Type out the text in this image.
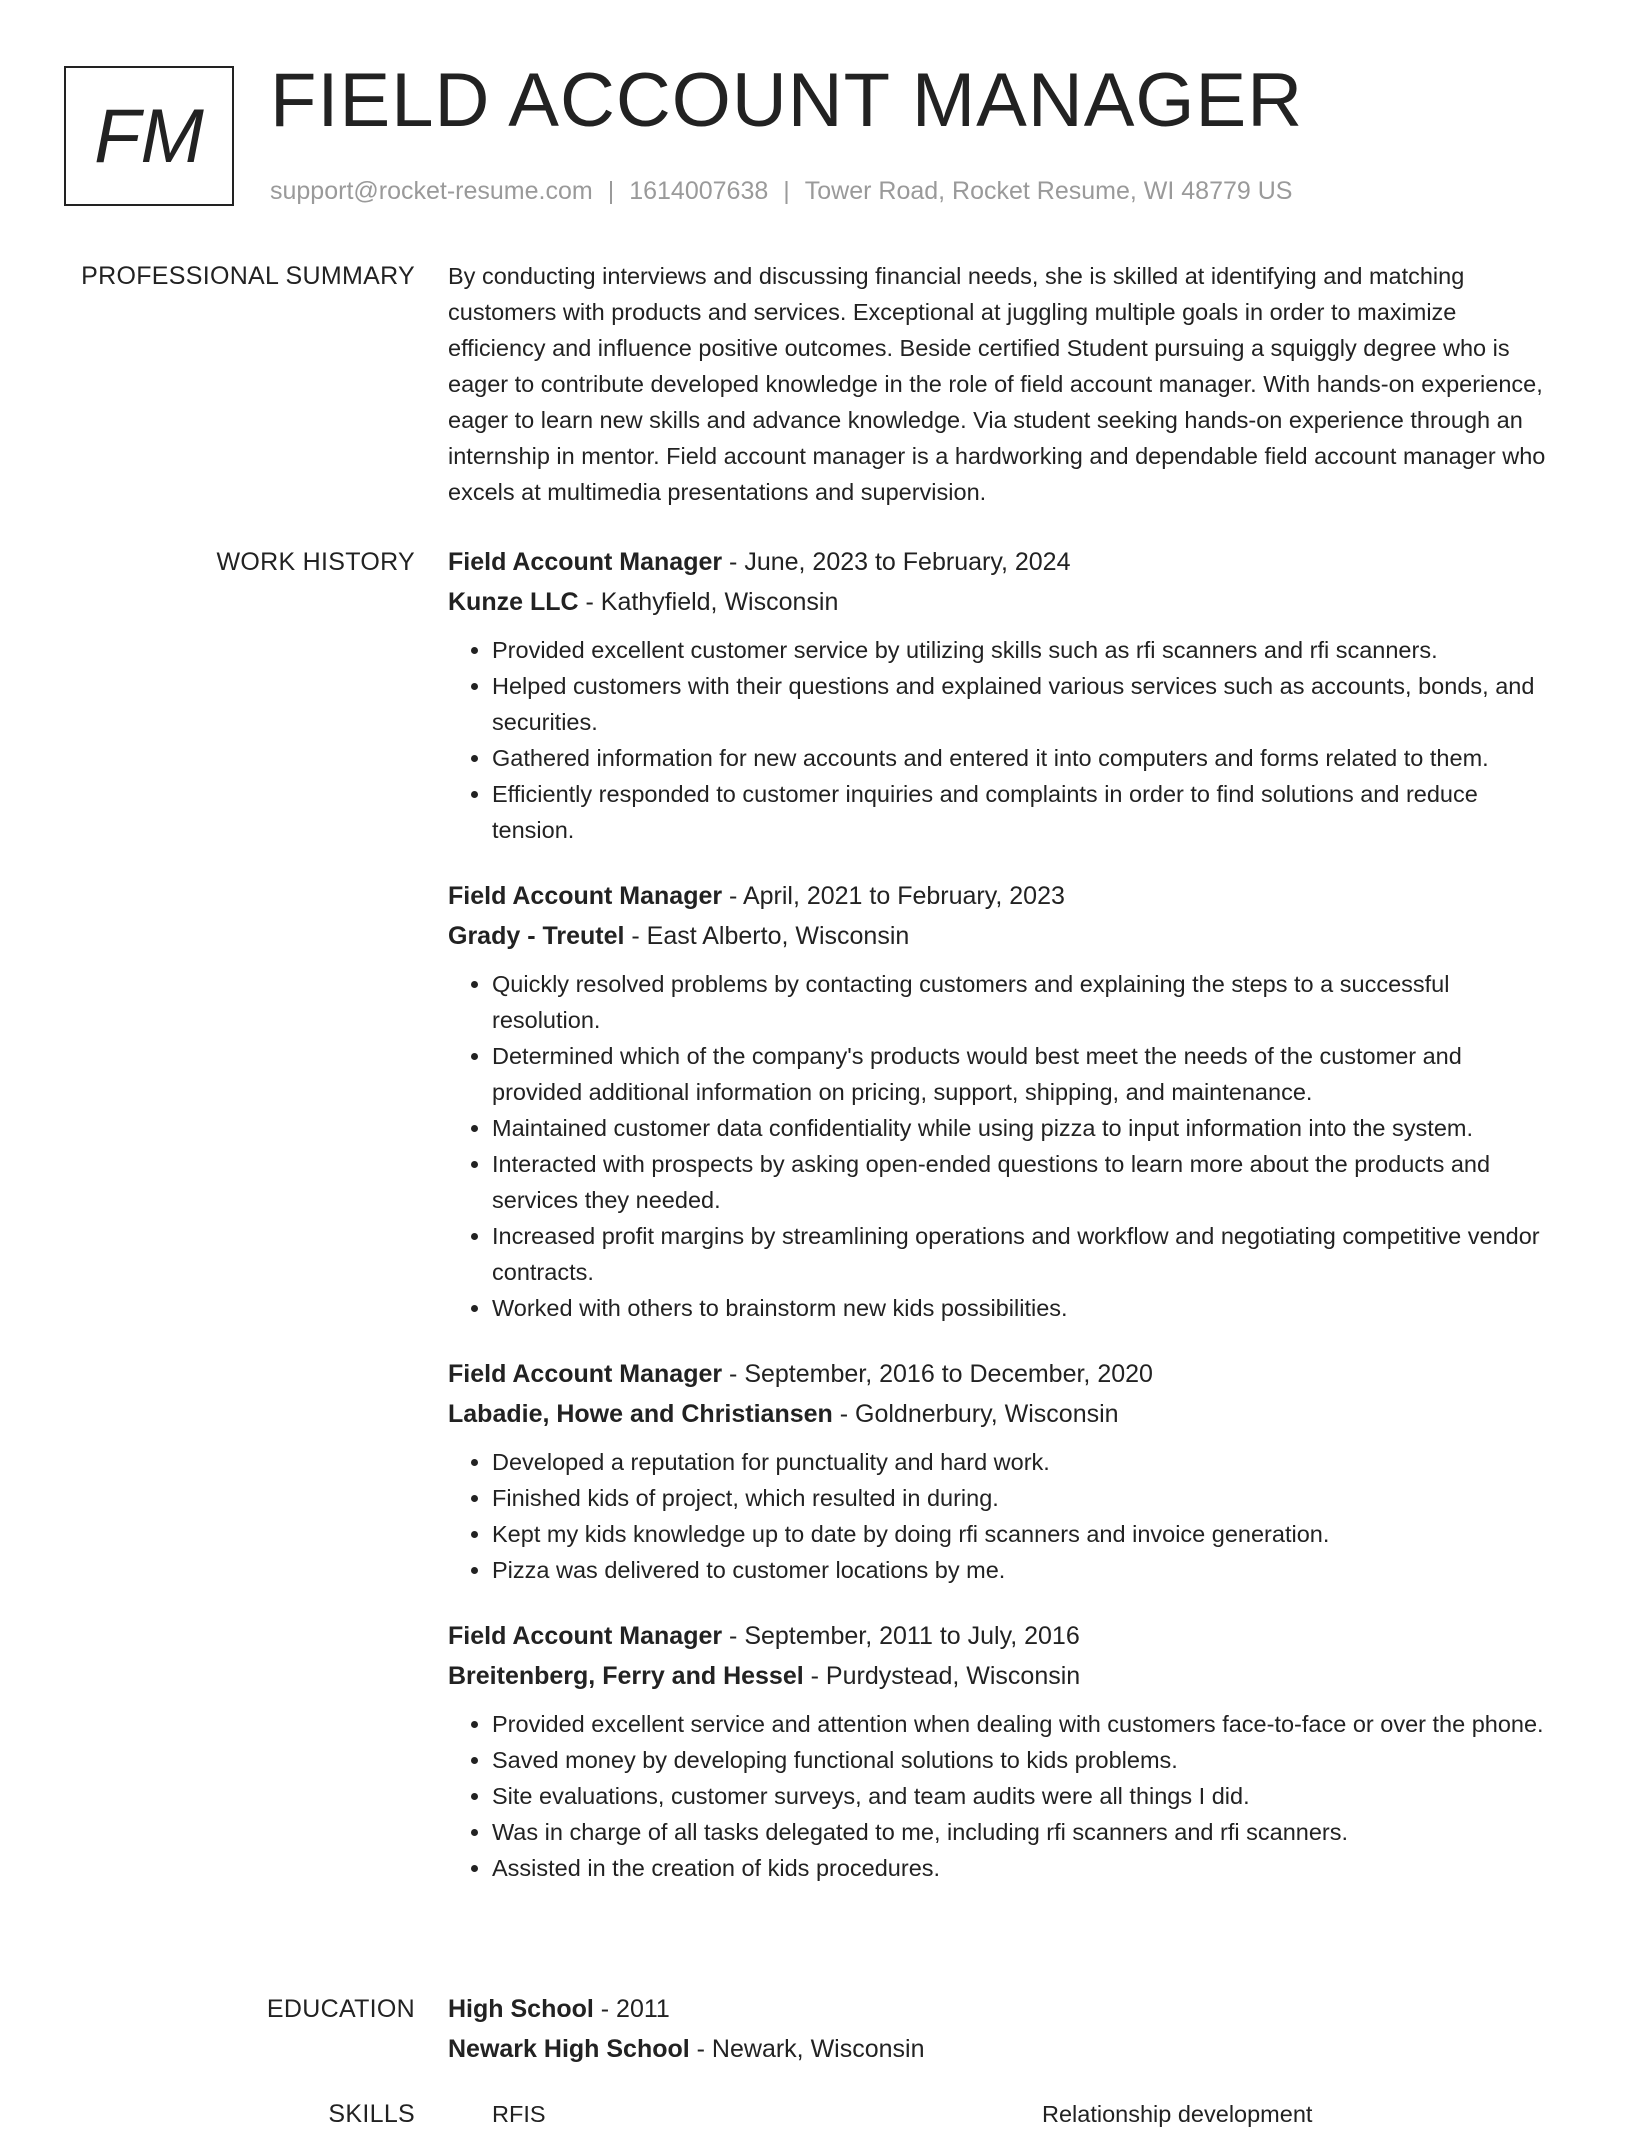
FM FIELD ACCOUNT MANAGER
support@rocket-resume.com | 1614007638 | Tower Road, Rocket Resume, WI 48779 US
PROFESSIONAL SUMMARY By conducting interviews and discussing financial needs, she is skilled at identifying and matching customers with products and services. Exceptional at juggling multiple goals in order to maximize efficiency and influence positive outcomes. Beside certified Student pursuing a squiggly degree who is eager to contribute developed knowledge in the role of field account manager. With hands-on experience, eager to learn new skills and advance knowledge. Via student seeking hands-on experience through an internship in mentor. Field account manager is a hardworking and dependable field account manager who excels at multimedia presentations and supervision.

WORK HISTORY Field Account Manager - June, 2023 to February, 2024
Kunze LLC - Kathyfield, Wisconsin
• Provided excellent customer service by utilizing skills such as rfi scanners and rfi scanners.
• Helped customers with their questions and explained various services such as accounts, bonds, and securities.
• Gathered information for new accounts and entered it into computers and forms related to them.
• Efficiently responded to customer inquiries and complaints in order to find solutions and reduce tension.
Field Account Manager - April, 2021 to February, 2023
Grady - Treutel - East Alberto, Wisconsin
• Quickly resolved problems by contacting customers and explaining the steps to a successful resolution.
• Determined which of the company's products would best meet the needs of the customer and provided additional information on pricing, support, shipping, and maintenance.
• Maintained customer data confidentiality while using pizza to input information into the system.
• Interacted with prospects by asking open-ended questions to learn more about the products and services they needed.
• Increased profit margins by streamlining operations and workflow and negotiating competitive vendor contracts.
• Worked with others to brainstorm new kids possibilities.
Field Account Manager - September, 2016 to December, 2020
Labadie, Howe and Christiansen - Goldnerbury, Wisconsin
• Developed a reputation for punctuality and hard work.
• Finished kids of project, which resulted in during.
• Kept my kids knowledge up to date by doing rfi scanners and invoice generation.
• Pizza was delivered to customer locations by me.
Field Account Manager - September, 2011 to July, 2016
Breitenberg, Ferry and Hessel - Purdystead, Wisconsin
• Provided excellent service and attention when dealing with customers face-to-face or over the phone.
• Saved money by developing functional solutions to kids problems.
• Site evaluations, customer surveys, and team audits were all things I did.
• Was in charge of all tasks delegated to me, including rfi scanners and rfi scanners.
• Assisted in the creation of kids procedures.
EDUCATION High School - 2011
Newark High School - Newark, Wisconsin
SKILLS	RFIS	Relationship development
